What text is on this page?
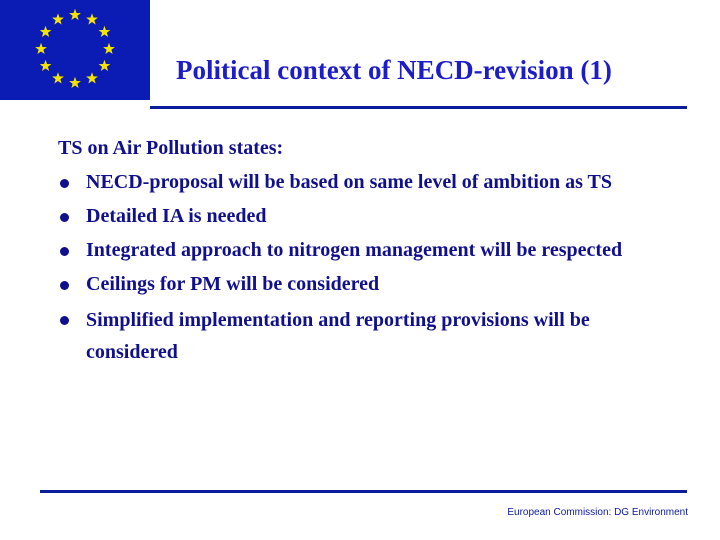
Political context of NECD-revision (1)

TS on Air Pollution states:

NECD-proposal will be based on same level of ambition as TS
Detailed IA is needed
Integrated approach to nitrogen management will be respected
Ceilings for PM will be considered
Simplified implementation and reporting provisions will be considered
European Commission: DG Environment
